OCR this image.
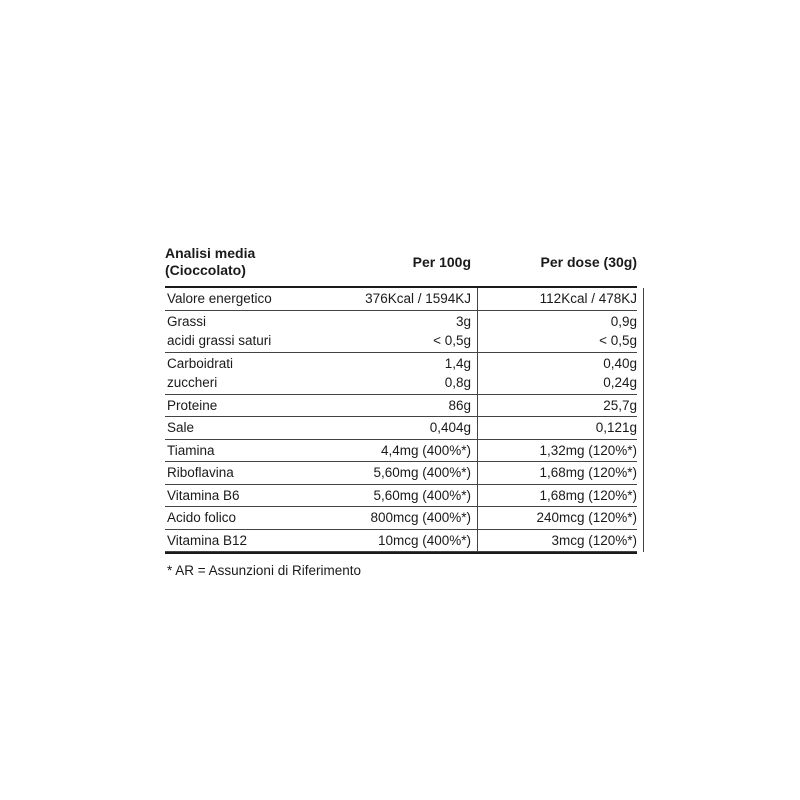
Analisi media
(Cioccolato)
Per 100g	Per dose (30g)
Valore energetico	376Kcal / 1594KJ	112Kcal / 478KJ
Grassi	3g	0,9g
acidi grassi saturi	< 0,5g	< 0,5g
Carboidrati	1,4g	0,40g
zuccheri	0,8g	0,24g
Proteine	86g	25,7g
Sale	0,404g	0,121g
Tiamina	4,4mg (400%*)	1,32mg (120%*)
Riboflavina	5,60mg (400%*)	1,68mg (120%*)
Vitamina B6	5,60mg (400%*)	1,68mg (120%*)
Acido folico	800mcg (400%*)	240mcg (120%*)
Vitamina B12	10mcg (400%*)	3mcg (120%*)
* AR = Assunzioni di Riferimento
